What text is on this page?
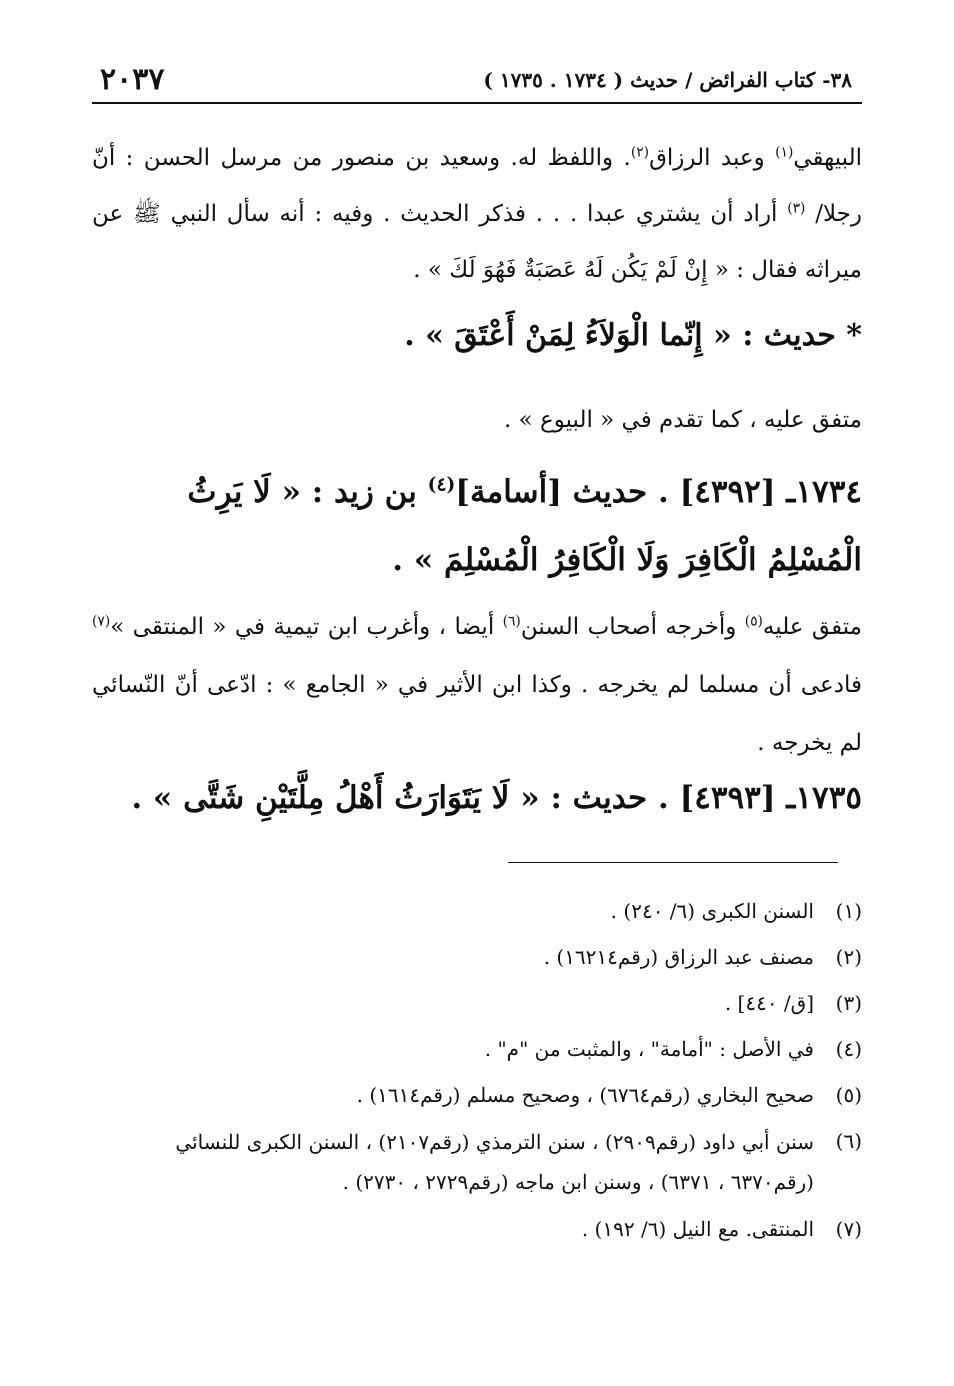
٣٨- كتاب الفرائض / حديث ( ١٧٣٤ . ١٧٣٥ )
٢٠٣٧
البيهقي$^{(١)}$ وعبد الرزاق$^{(٢)}$. واللفظ له. وسعيد بن منصور من مرسل الحسن : أنّ رجلا/ $^{(٣)}$ أراد أن يشتري عبدا . . . فذكر الحديث . وفيه : أنه سأل النبي ﷺ عن ميراثه فقال : « إِنْ لَمْ يَكُن لَهُ عَصَبَةٌ فَهُوَ لَكَ » .
* حديث : « إِنّما الْوَلاَءُ لِمَنْ أَعْتَقَ » .
متفق عليه ، كما تقدم في « البيوع » .
١٧٣٤ـ [٤٣٩٢] . حديث [أسامة]$^{(٤)}$ بن زيد : « لَا يَرِثُ الْمُسْلِمُ الْكَافِرَ وَلَا الْكَافِرُ الْمُسْلِمَ » .
متفق عليه$^{(٥)}$ وأخرجه أصحاب السنن$^{(٦)}$ أيضا ، وأغرب ابن تيمية في « المنتقى »$^{(٧)}$ فادعى أن مسلما لم يخرجه . وكذا ابن الأثير في « الجامع » : ادّعى أنّ النّسائي لم يخرجه .
١٧٣٥ـ [٤٣٩٣] . حديث : « لَا يَتَوَارَثُ أَهْلُ مِلَّتَيْنِ شَتَّى » .
(١)
السنن الكبرى (٦/ ٢٤٠) .
(٢)
مصنف عبد الرزاق (رقم١٦٢١٤) .
(٣)
[ق/ ٤٤٠] .
(٤)
في الأصل : "أمامة" ، والمثبت من "م" .
(٥)
صحيح البخاري (رقم٦٧٦٤) ، وصحيح مسلم (رقم١٦١٤) .
(٦)
سنن أبي داود (رقم٢٩٠٩) ، سنن الترمذي (رقم٢١٠٧) ، السنن الكبرى للنسائي (رقم٦٣٧٠ ، ٦٣٧١) ، وسنن ابن ماجه (رقم٢٧٢٩ ، ٢٧٣٠) .
(٧)
المنتقى. مع النيل (٦/ ١٩٢) .
